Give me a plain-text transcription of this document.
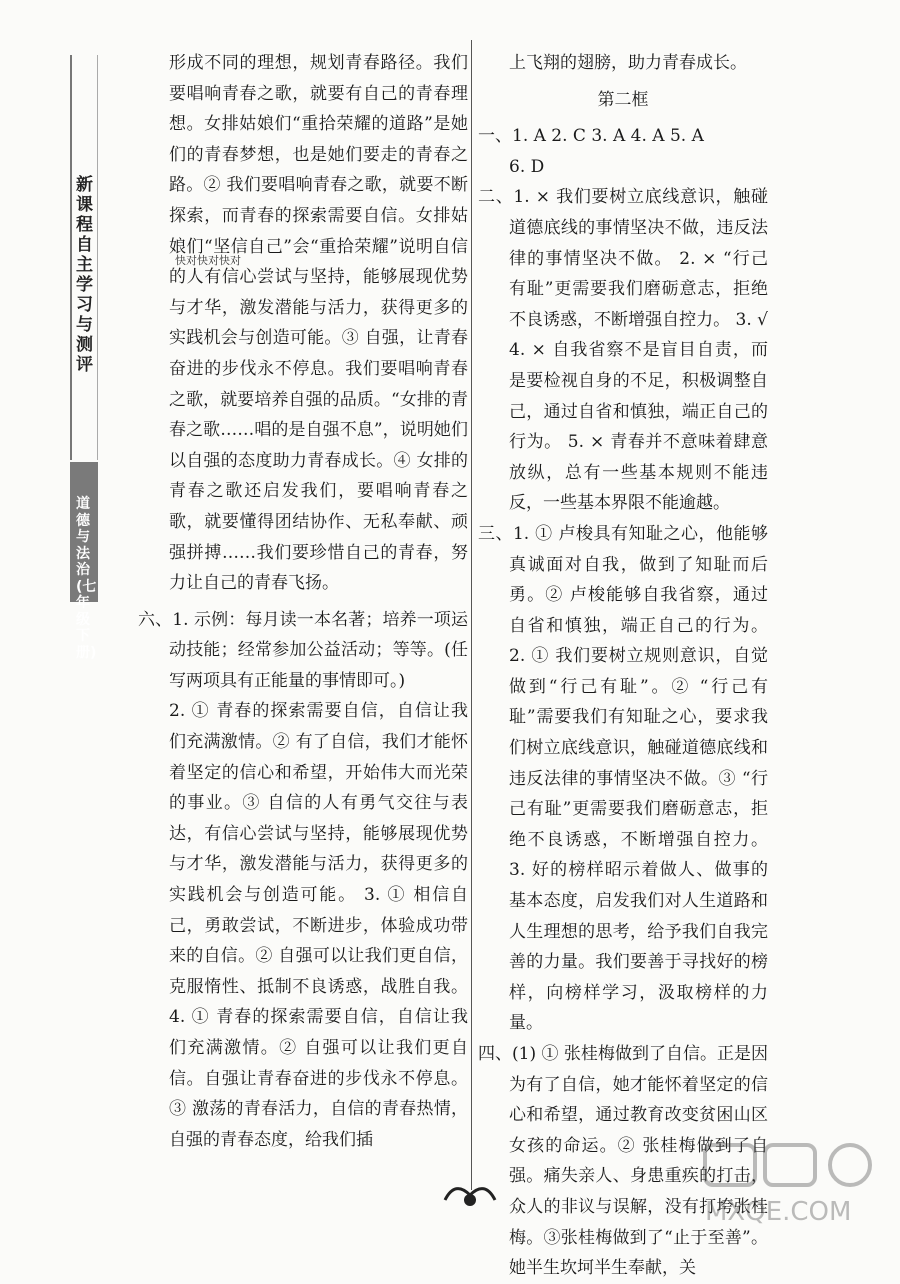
新课程自主学习与测评
道德与法治(七年级下册)
快对快对快对

形成不同的理想，规划青春路径。我们要唱响青春之歌，就要有自己的青春理想。女排姑娘们“重拾荣耀的道路”是她们的青春梦想，也是她们要走的青春之路。② 我们要唱响青春之歌，就要不断探索，而青春的探索需要自信。女排姑娘们“坚信自己”会“重拾荣耀”说明自信的人有信心尝试与坚持，能够展现优势与才华，激发潜能与活力，获得更多的实践机会与创造可能。③ 自强，让青春奋进的步伐永不停息。我们要唱响青春之歌，就要培养自强的品质。“女排的青春之歌……唱的是自强不息”，说明她们以自强的态度助力青春成长。④ 女排的青春之歌还启发我们，要唱响青春之歌，就要懂得团结协作、无私奉献、顽强拼搏……我们要珍惜自己的青春，努力让自己的青春飞扬。

六、1. 示例：每月读一本名著；培养一项运动技能；经常参加公益活动；等等。(任写两项具有正能量的事情即可。)

2. ① 青春的探索需要自信，自信让我们充满激情。② 有了自信，我们才能怀着坚定的信心和希望，开始伟大而光荣的事业。③ 自信的人有勇气交往与表达，有信心尝试与坚持，能够展现优势与才华，激发潜能与活力，获得更多的实践机会与创造可能。 3. ① 相信自己，勇敢尝试，不断进步，体验成功带来的自信。② 自强可以让我们更自信，克服惰性、抵制不良诱惑，战胜自我。 4. ① 青春的探索需要自信，自信让我们充满激情。② 自强可以让我们更自信。自强让青春奋进的步伐永不停息。③ 激荡的青春活力，自信的青春热情，自强的青春态度，给我们插

上飞翔的翅膀，助力青春成长。

第二框

一、1. A 2. C 3. A 4. A 5. A

6. D

二、1. × 我们要树立底线意识，触碰道德底线的事情坚决不做，违反法律的事情坚决不做。 2. × “行己有耻”更需要我们磨砺意志，拒绝不良诱惑，不断增强自控力。 3. √ 4. × 自我省察不是盲目自责，而是要检视自身的不足，积极调整自己，通过自省和慎独，端正自己的行为。 5. × 青春并不意味着肆意放纵，总有一些基本规则不能违反，一些基本界限不能逾越。

三、1. ① 卢梭具有知耻之心，他能够真诚面对自我，做到了知耻而后勇。② 卢梭能够自我省察，通过自省和慎独，端正自己的行为。 2. ① 我们要树立规则意识，自觉做到“行己有耻”。② “行己有耻”需要我们有知耻之心，要求我们树立底线意识，触碰道德底线和违反法律的事情坚决不做。③ “行己有耻”更需要我们磨砺意志，拒绝不良诱惑，不断增强自控力。 3. 好的榜样昭示着做人、做事的基本态度，启发我们对人生道路和人生理想的思考，给予我们自我完善的力量。我们要善于寻找好的榜样，向榜样学习，汲取榜样的力量。

四、(1) ① 张桂梅做到了自信。正是因为有了自信，她才能怀着坚定的信心和希望，通过教育改变贫困山区女孩的命运。② 张桂梅做到了自强。痛失亲人、身患重疾的打击，众人的非议与误解，没有打垮张桂梅。③张桂梅做到了“止于至善”。她半生坎坷半生奉献，关

MXQE.COM
